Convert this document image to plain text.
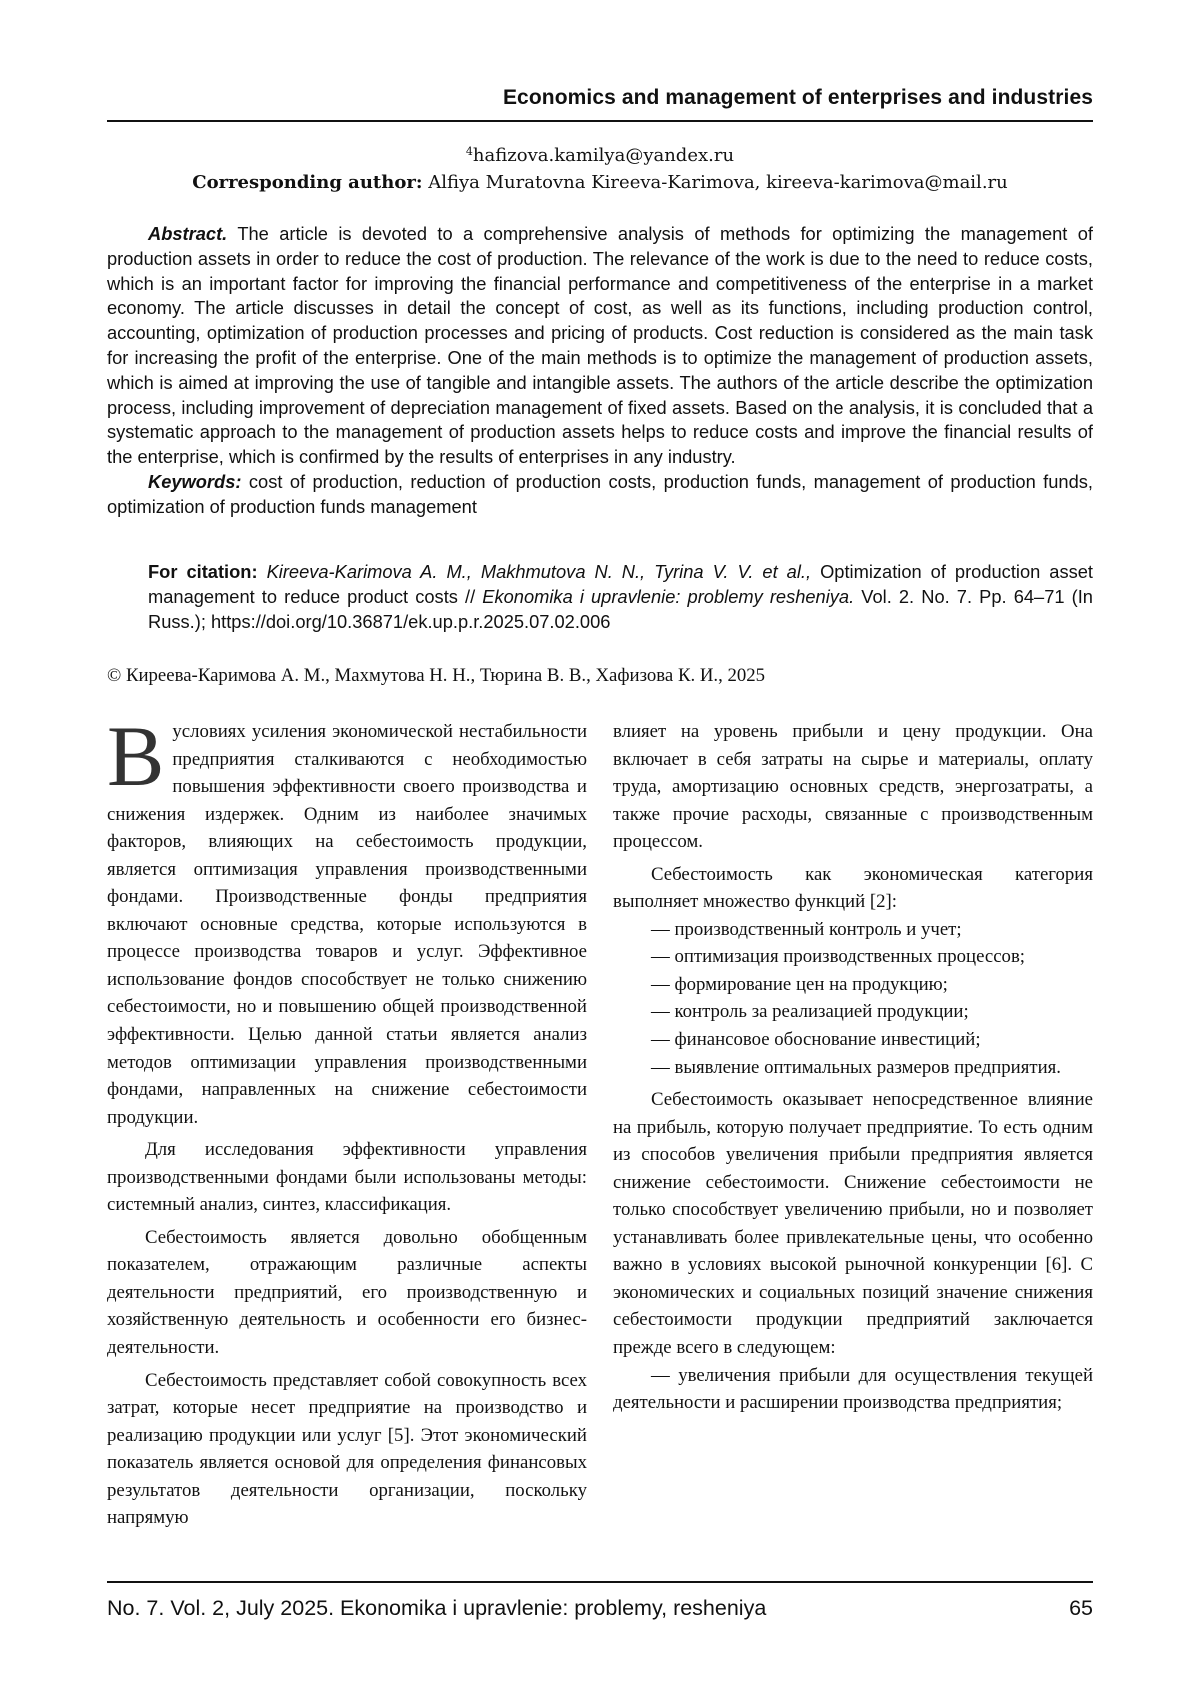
Economics and management of enterprises and industries
$^4$hafizova.kamilya@yandex.ru
Corresponding author: Alfiya Muratovna Kireeva-Karimova, kireeva-karimova@mail.ru

Abstract. The article is devoted to a comprehensive analysis of methods for optimizing the management of production assets in order to reduce the cost of production. The relevance of the work is due to the need to reduce costs, which is an important factor for improving the financial performance and competitiveness of the enterprise in a market economy. The article discusses in detail the concept of cost, as well as its functions, including production control, accounting, optimization of production processes and pricing of products. Cost reduction is considered as the main task for increasing the profit of the enterprise. One of the main methods is to optimize the management of production assets, which is aimed at improving the use of tangible and intangible assets. The authors of the article describe the optimization process, including improvement of depreciation management of fixed assets. Based on the analysis, it is concluded that a systematic approach to the management of production assets helps to reduce costs and improve the financial results of the enterprise, which is confirmed by the results of enterprises in any industry.

Keywords: cost of production, reduction of production costs, production funds, management of production funds, optimization of production funds management

For citation: Kireeva-Karimova A. M., Makhmutova N. N., Tyrina V. V. et al., Optimization of production asset management to reduce product costs // Ekonomika i upravlenie: problemy resheniya. Vol. 2. No. 7. Pp. 64–71 (In Russ.); https://doi.org/10.36871/ek.up.p.r.2025.07.02.006
© Киреева-Каримова А. М., Махмутова Н. Н., Тюрина В. В., Хафизова К. И., 2025

Вусловиях усиления экономической нестабильности предприятия сталкиваются с необходимостью повышения эффективности своего производства и снижения издержек. Одним из наиболее значимых факторов, влияющих на себестоимость продукции, является оптимизация управления производственными фондами. Производственные фонды предприятия включают основные средства, которые используются в процессе производства товаров и услуг. Эффективное использование фондов способствует не только снижению себестоимости, но и повышению общей производственной эффективности. Целью данной статьи является анализ методов оптимизации управления производственными фондами, направленных на снижение себестоимости продукции.

Для исследования эффективности управления производственными фондами были использованы методы: системный анализ, синтез, классификация.

Себестоимость является довольно обобщенным показателем, отражающим различные аспекты деятельности предприятий, его производственную и хозяйственную деятельность и особенности его бизнес-деятельности.

Себестоимость представляет собой совокупность всех затрат, которые несет предприятие на производство и реализацию продукции или услуг [5]. Этот экономический показатель является основой для определения финансовых результатов деятельности организации, поскольку напрямую

влияет на уровень прибыли и цену продукции. Она включает в себя затраты на сырье и материалы, оплату труда, амортизацию основных средств, энергозатраты, а также прочие расходы, связанные с производственным процессом.

Себестоимость как экономическая категория выполняет множество функций [2]:

— производственный контроль и учет;

— оптимизация производственных процессов;

— формирование цен на продукцию;

— контроль за реализацией продукции;

— финансовое обоснование инвестиций;

— выявление оптимальных размеров предприятия.

Себестоимость оказывает непосредственное влияние на прибыль, которую получает предприятие. То есть одним из способов увеличения прибыли предприятия является снижение себестоимости. Снижение себестоимости не только способствует увеличению прибыли, но и позволяет устанавливать более привлекательные цены, что особенно важно в условиях высокой рыночной конкуренции [6]. С экономических и социальных позиций значение снижения себестоимости продукции предприятий заключается прежде всего в следующем:

— увеличения прибыли для осуществления текущей деятельности и расширении производства предприятия;

No. 7. Vol. 2, July 2025. Ekonomika i upravlenie: problemy, resheniya	65
